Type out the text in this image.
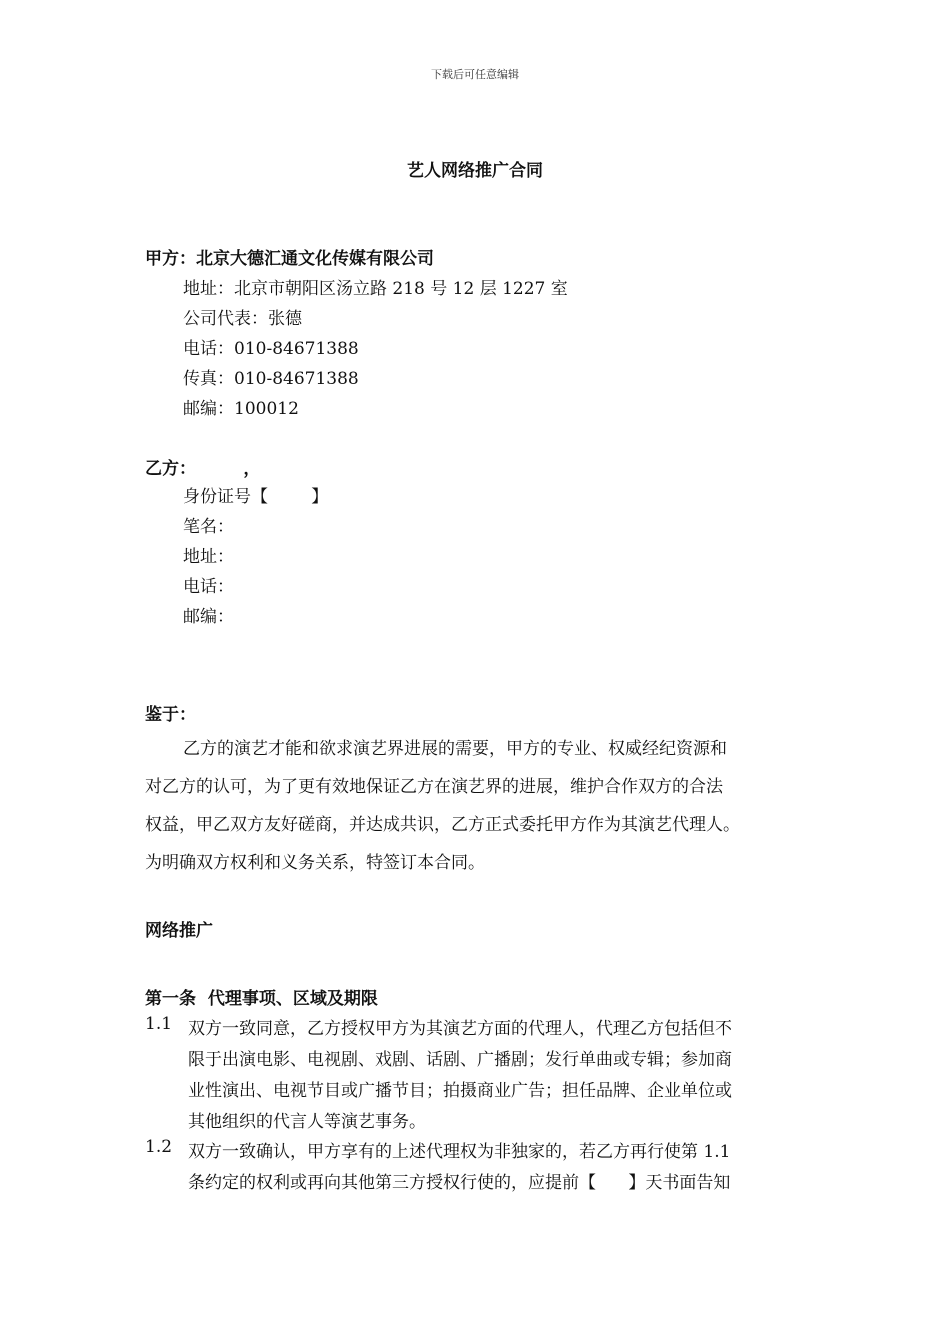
下载后可任意编辑
艺人网络推广合同
甲方：北京大德汇通文化传媒有限公司
地址：北京市朝阳区汤立路 218 号 12 层 1227 室
公司代表：张德
电话：010-84671388
传真：010-84671388
邮编：100012
乙方：        ，
身份证号【        】
笔名：
地址：
电话：
邮编：
鉴于：
乙方的演艺才能和欲求演艺界进展的需要，甲方的专业、权威经纪资源和
对乙方的认可，为了更有效地保证乙方在演艺界的进展，维护合作双方的合法
权益，甲乙双方友好磋商，并达成共识，乙方正式委托甲方作为其演艺代理人。
为明确双方权利和义务关系，特签订本合同。
网络推广
第一条  代理事项、区域及期限
1.1 双方一致同意，乙方授权甲方为其演艺方面的代理人，代理乙方包括但不
限于出演电影、电视剧、戏剧、话剧、广播剧；发行单曲或专辑；参加商
业性演出、电视节目或广播节目；拍摄商业广告；担任品牌、企业单位或
其他组织的代言人等演艺事务。
1.2 双方一致确认，甲方享有的上述代理权为非独家的，若乙方再行使第 1.1
条约定的权利或再向其他第三方授权行使的，应提前【      】天书面告知
